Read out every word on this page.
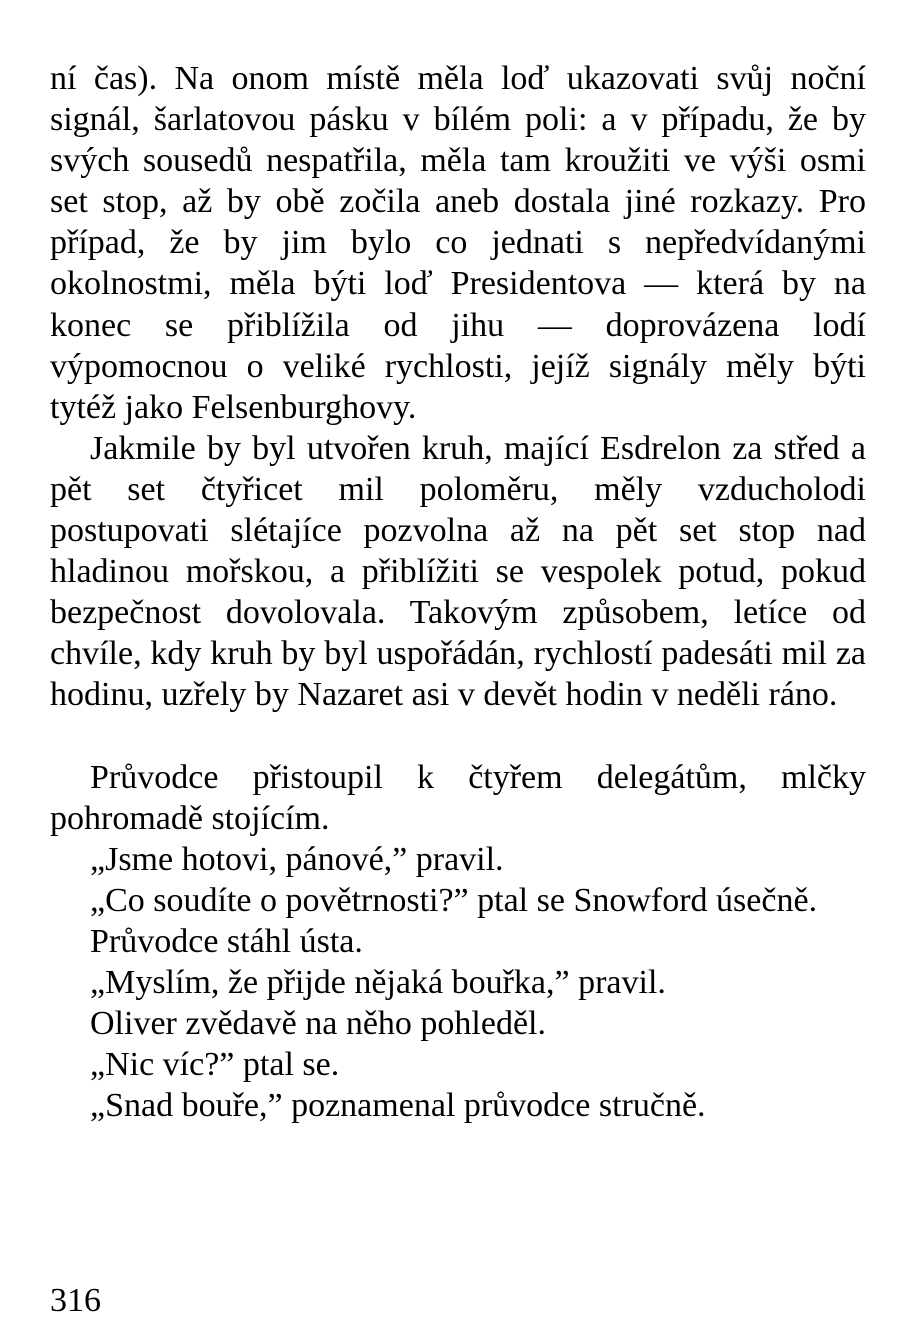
ní čas). Na onom místě měla loď ukazovati svůj noční signál, šarlatovou pásku v bílém poli: a v případu, že by svých sousedů nespatřila, měla tam kroužiti ve výši osmi set stop, až by obě zočila aneb dostala jiné rozkazy. Pro případ, že by jim bylo co jednati s nepředvídanými okolnostmi, měla býti loď Presidentova — která by na konec se přiblížila od jihu — doprovázena lodí výpomocnou o veliké rychlosti, jejíž signály měly býti tytéž jako Felsenburghovy.

Jakmile by byl utvořen kruh, mající Esdrelon za střed a pět set čtyřicet mil poloměru, měly vzducholodi postupovati slétajíce pozvolna až na pět set stop nad hladinou mořskou, a přiblížiti se vespolek potud, pokud bezpečnost dovolovala. Takovým způsobem, letíce od chvíle, kdy kruh by byl uspořádán, rychlostí padesáti mil za hodinu, uzřely by Nazaret asi v devět hodin v neděli ráno.

Průvodce přistoupil k čtyřem delegátům, mlčky pohromadě stojícím.

„Jsme hotovi, pánové,” pravil.

„Co soudíte o povětrnosti?” ptal se Snowford úsečně.

Průvodce stáhl ústa.

„Myslím, že přijde nějaká bouřka,” pravil.

Oliver zvědavě na něho pohleděl.

„Nic víc?” ptal se.

„Snad bouře,” poznamenal průvodce stručně.

316
